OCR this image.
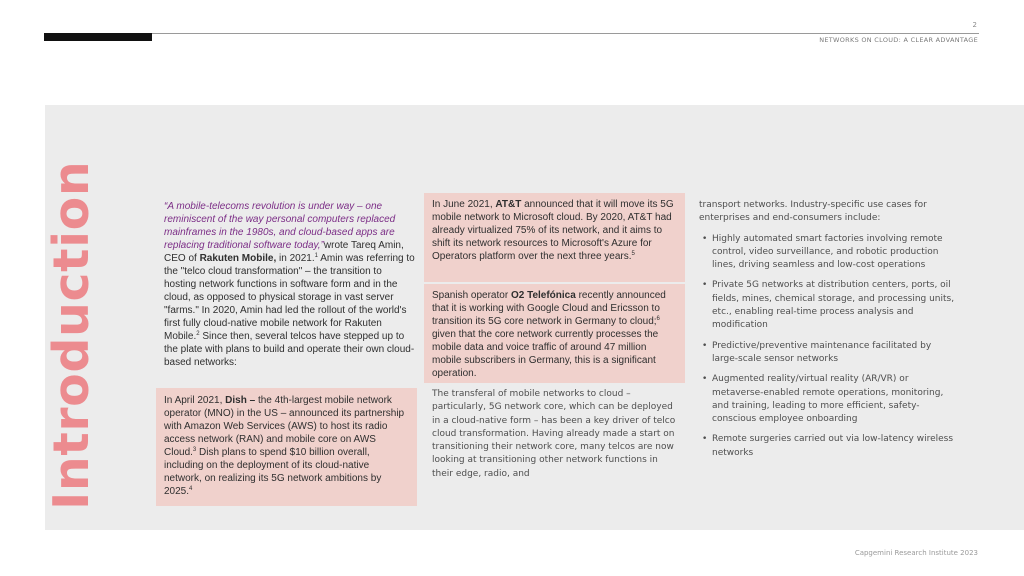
2
NETWORKS ON CLOUD: A CLEAR ADVANTAGE
Introduction	“A mobile-telecoms revolution is under way – one reminiscent of the way personal computers replaced mainframes in the 1980s, and cloud-based apps are replacing traditional software today,”wrote Tareq Amin, CEO of Rakuten Mobile, in 2021.$^1$ Amin was referring to the "telco cloud transformation" – the transition to hosting network functions in software form and in the cloud, as opposed to physical storage in vast server "farms." In 2020, Amin had led the rollout of the world's first fully cloud-native mobile network for Rakuten Mobile.$^2$ Since then, several telcos have stepped up to the plate with plans to build and operate their own cloud-based networks:
In April 2021, Dish – the 4th-largest mobile network operator (MNO) in the US – announced its partnership with Amazon Web Services (AWS) to host its radio access network (RAN) and mobile core on AWS Cloud.$^3$ Dish plans to spend $10 billion overall, including on the deployment of its cloud-native network, on realizing its 5G network ambitions by 2025.$^4$
In June 2021, AT&T announced that it will move its 5G mobile network to Microsoft cloud. By 2020, AT&T had already virtualized 75% of its network, and it aims to shift its network resources to Microsoft's Azure for Operators platform over the next three years.$^5$
Spanish operator O2 Telefónica recently announced that it is working with Google Cloud and Ericsson to transition its 5G core network in Germany to cloud;$^6$ given that the core network currently processes the mobile data and voice traffic of around 47 million mobile subscribers in Germany, this is a significant operation.
The transferal of mobile networks to cloud – particularly, 5G network core, which can be deployed in a cloud-native form – has been a key driver of telco cloud transformation. Having already made a start on transitioning their network core, many telcos are now looking at transitioning other network functions in their edge, radio, and
transport networks. Industry-specific use cases for enterprises and end-consumers include:
• Highly automated smart factories involving remote control, video surveillance, and robotic production lines, driving seamless and low-cost operations
• Private 5G networks at distribution centers, ports, oil fields, mines, chemical storage, and processing units, etc., enabling real-time process analysis and modification
• Predictive/preventive maintenance facilitated by large-scale sensor networks
• Augmented reality/virtual reality (AR/VR) or metaverse-enabled remote operations, monitoring, and training, leading to more efficient, safety-conscious employee onboarding
• Remote surgeries carried out via low-latency wireless networks
Capgemini Research Institute 2023
